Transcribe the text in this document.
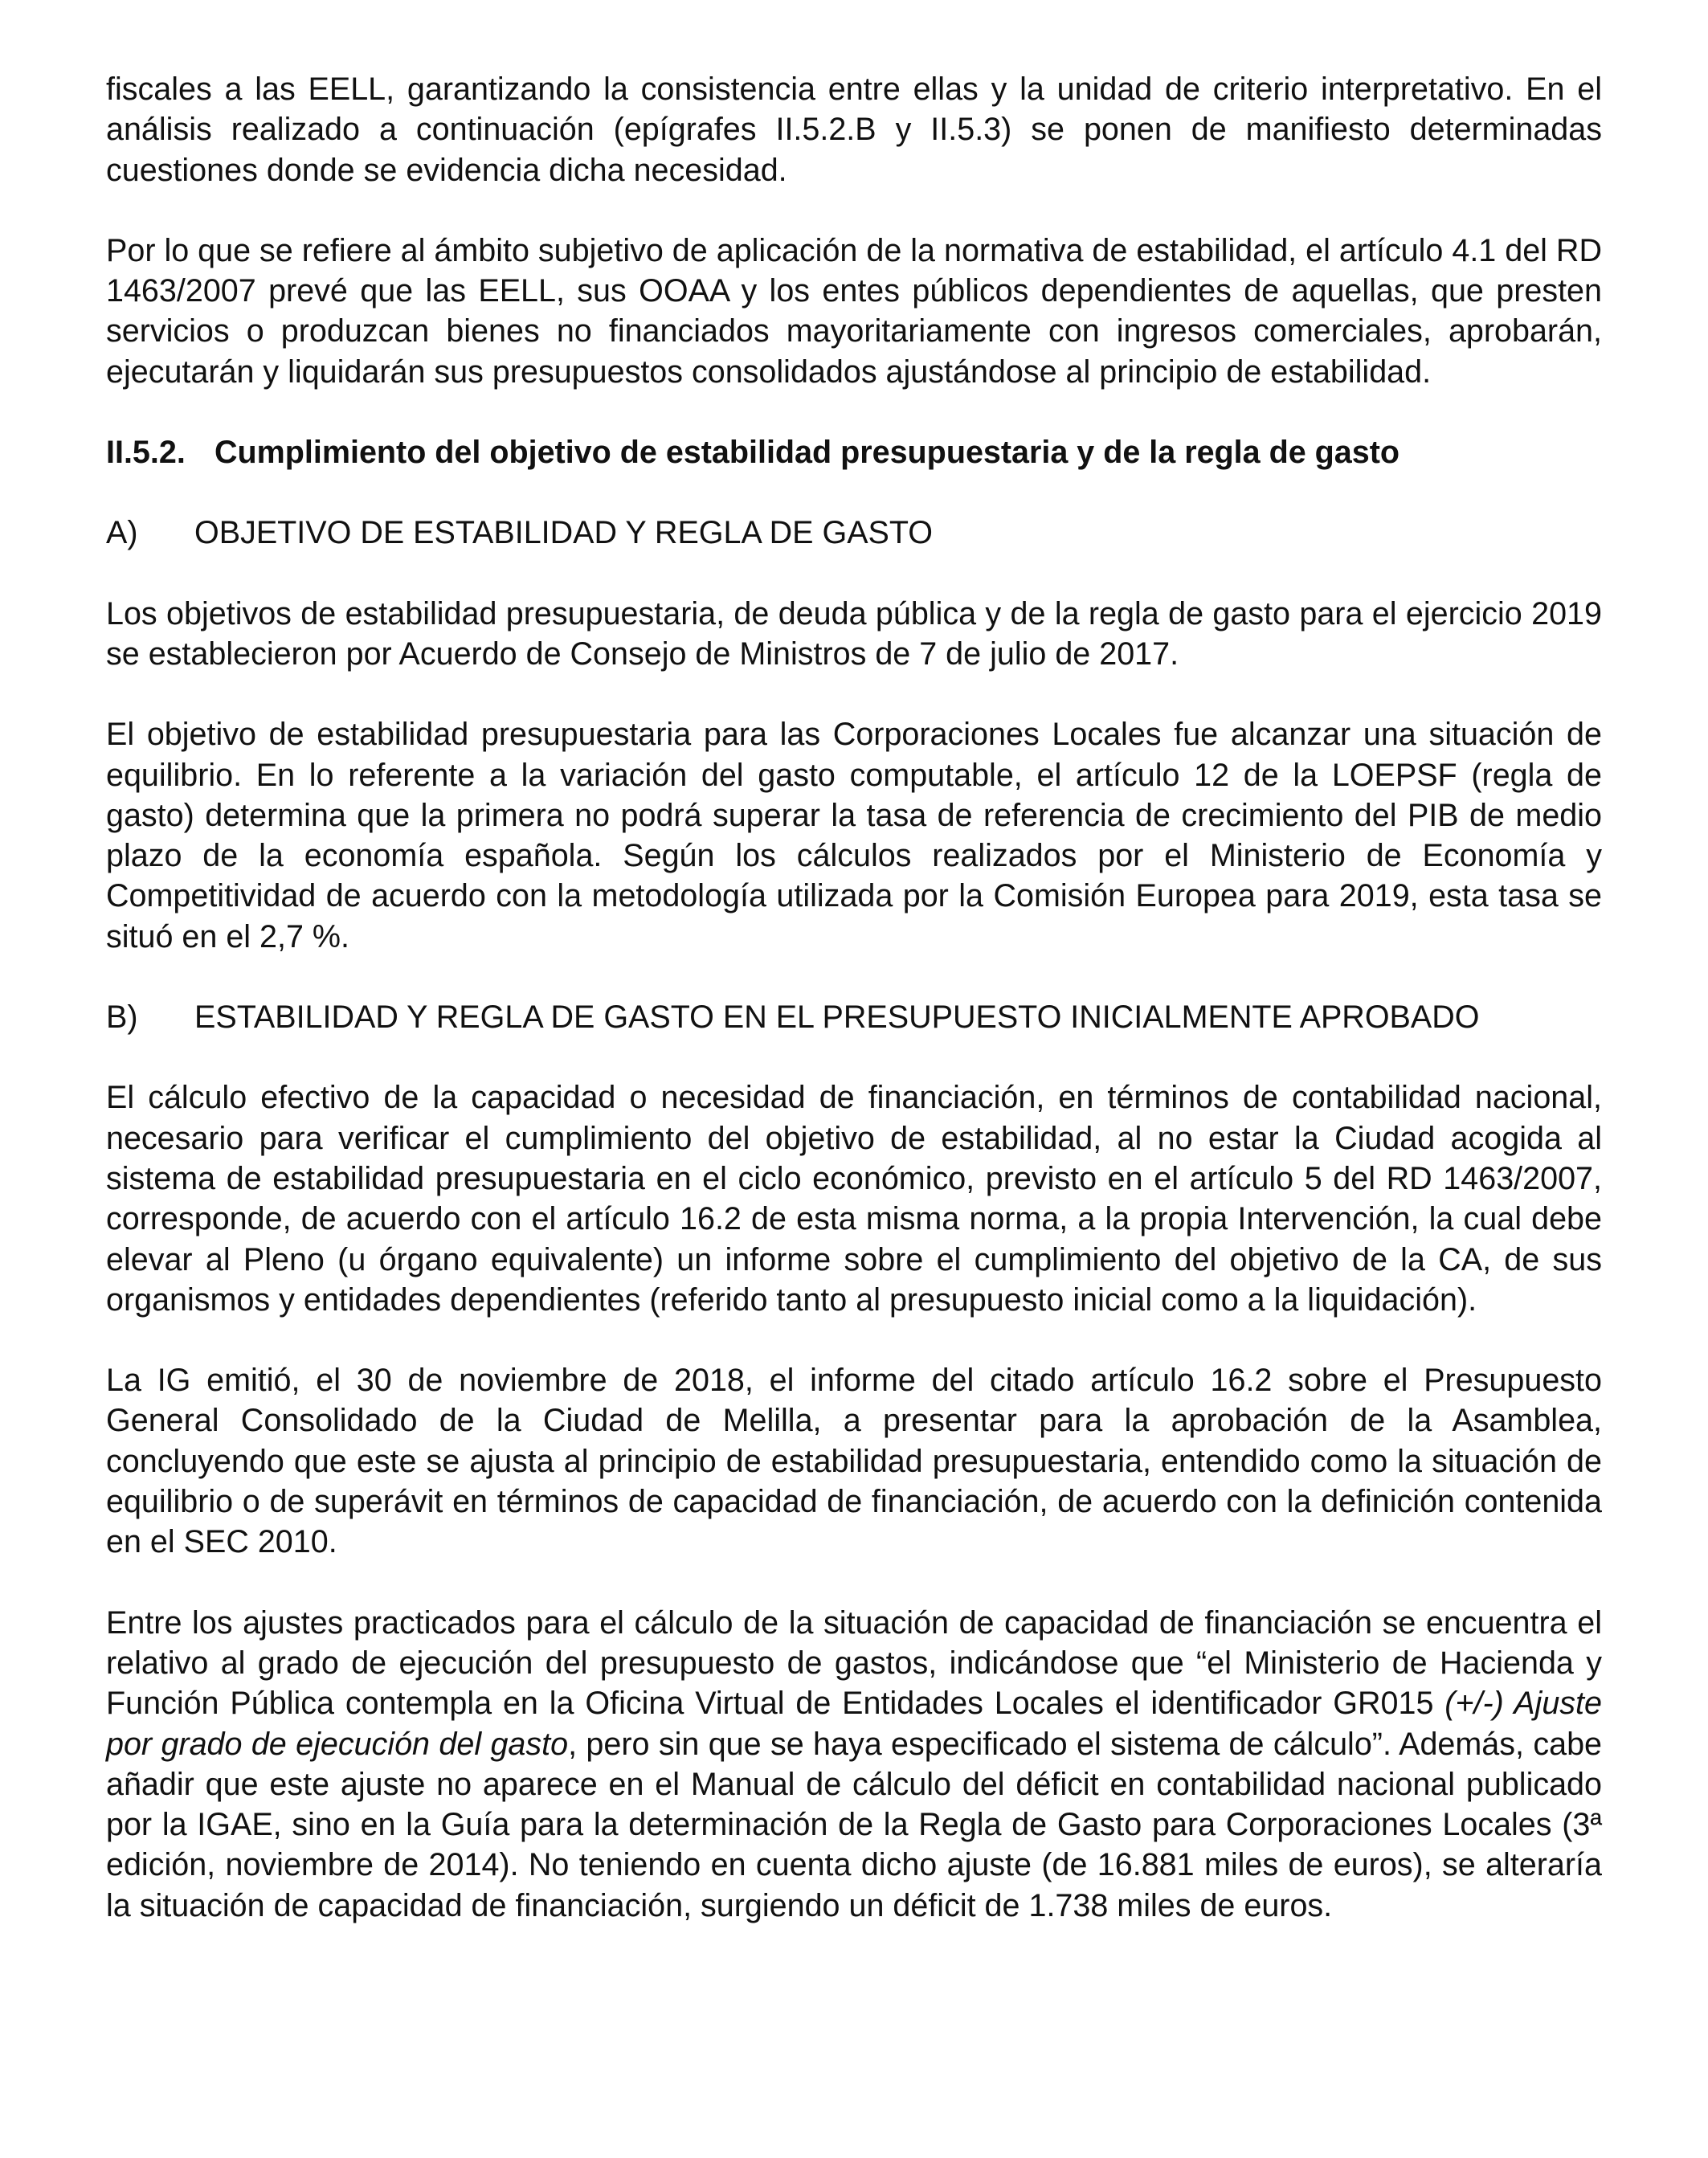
fiscales a las EELL, garantizando la consistencia entre ellas y la unidad de criterio interpretativo. En el análisis realizado a continuación (epígrafes II.5.2.B y II.5.3) se ponen de manifiesto determinadas cuestiones donde se evidencia dicha necesidad.

Por lo que se refiere al ámbito subjetivo de aplicación de la normativa de estabilidad, el artículo 4.1 del RD 1463/2007 prevé que las EELL, sus OOAA y los entes públicos dependientes de aquellas, que presten servicios o produzcan bienes no financiados mayoritariamente con ingresos comerciales, aprobarán, ejecutarán y liquidarán sus presupuestos consolidados ajustándose al principio de estabilidad.

II.5.2. Cumplimiento del objetivo de estabilidad presupuestaria y de la regla de gasto
A) OBJETIVO DE ESTABILIDAD Y REGLA DE GASTO

Los objetivos de estabilidad presupuestaria, de deuda pública y de la regla de gasto para el ejercicio 2019 se establecieron por Acuerdo de Consejo de Ministros de 7 de julio de 2017.

El objetivo de estabilidad presupuestaria para las Corporaciones Locales fue alcanzar una situación de equilibrio. En lo referente a la variación del gasto computable, el artículo 12 de la LOEPSF (regla de gasto) determina que la primera no podrá superar la tasa de referencia de crecimiento del PIB de medio plazo de la economía española. Según los cálculos realizados por el Ministerio de Economía y Competitividad de acuerdo con la metodología utilizada por la Comisión Europea para 2019, esta tasa se situó en el 2,7 %.

B) ESTABILIDAD Y REGLA DE GASTO EN EL PRESUPUESTO INICIALMENTE APROBADO

El cálculo efectivo de la capacidad o necesidad de financiación, en términos de contabilidad nacional, necesario para verificar el cumplimiento del objetivo de estabilidad, al no estar la Ciudad acogida al sistema de estabilidad presupuestaria en el ciclo económico, previsto en el artículo 5 del RD 1463/2007, corresponde, de acuerdo con el artículo 16.2 de esta misma norma, a la propia Intervención, la cual debe elevar al Pleno (u órgano equivalente) un informe sobre el cumplimiento del objetivo de la CA, de sus organismos y entidades dependientes (referido tanto al presupuesto inicial como a la liquidación).

La IG emitió, el 30 de noviembre de 2018, el informe del citado artículo 16.2 sobre el Presupuesto General Consolidado de la Ciudad de Melilla, a presentar para la aprobación de la Asamblea, concluyendo que este se ajusta al principio de estabilidad presupuestaria, entendido como la situación de equilibrio o de superávit en términos de capacidad de financiación, de acuerdo con la definición contenida en el SEC 2010.

Entre los ajustes practicados para el cálculo de la situación de capacidad de financiación se encuentra el relativo al grado de ejecución del presupuesto de gastos, indicándose que “el Ministerio de Hacienda y Función Pública contempla en la Oficina Virtual de Entidades Locales el identificador GR015 (+/-) Ajuste por grado de ejecución del gasto, pero sin que se haya especificado el sistema de cálculo”. Además, cabe añadir que este ajuste no aparece en el Manual de cálculo del déficit en contabilidad nacional publicado por la IGAE, sino en la Guía para la determinación de la Regla de Gasto para Corporaciones Locales (3ª edición, noviembre de 2014). No teniendo en cuenta dicho ajuste (de 16.881 miles de euros), se alteraría la situación de capacidad de financiación, surgiendo un déficit de 1.738 miles de euros.
